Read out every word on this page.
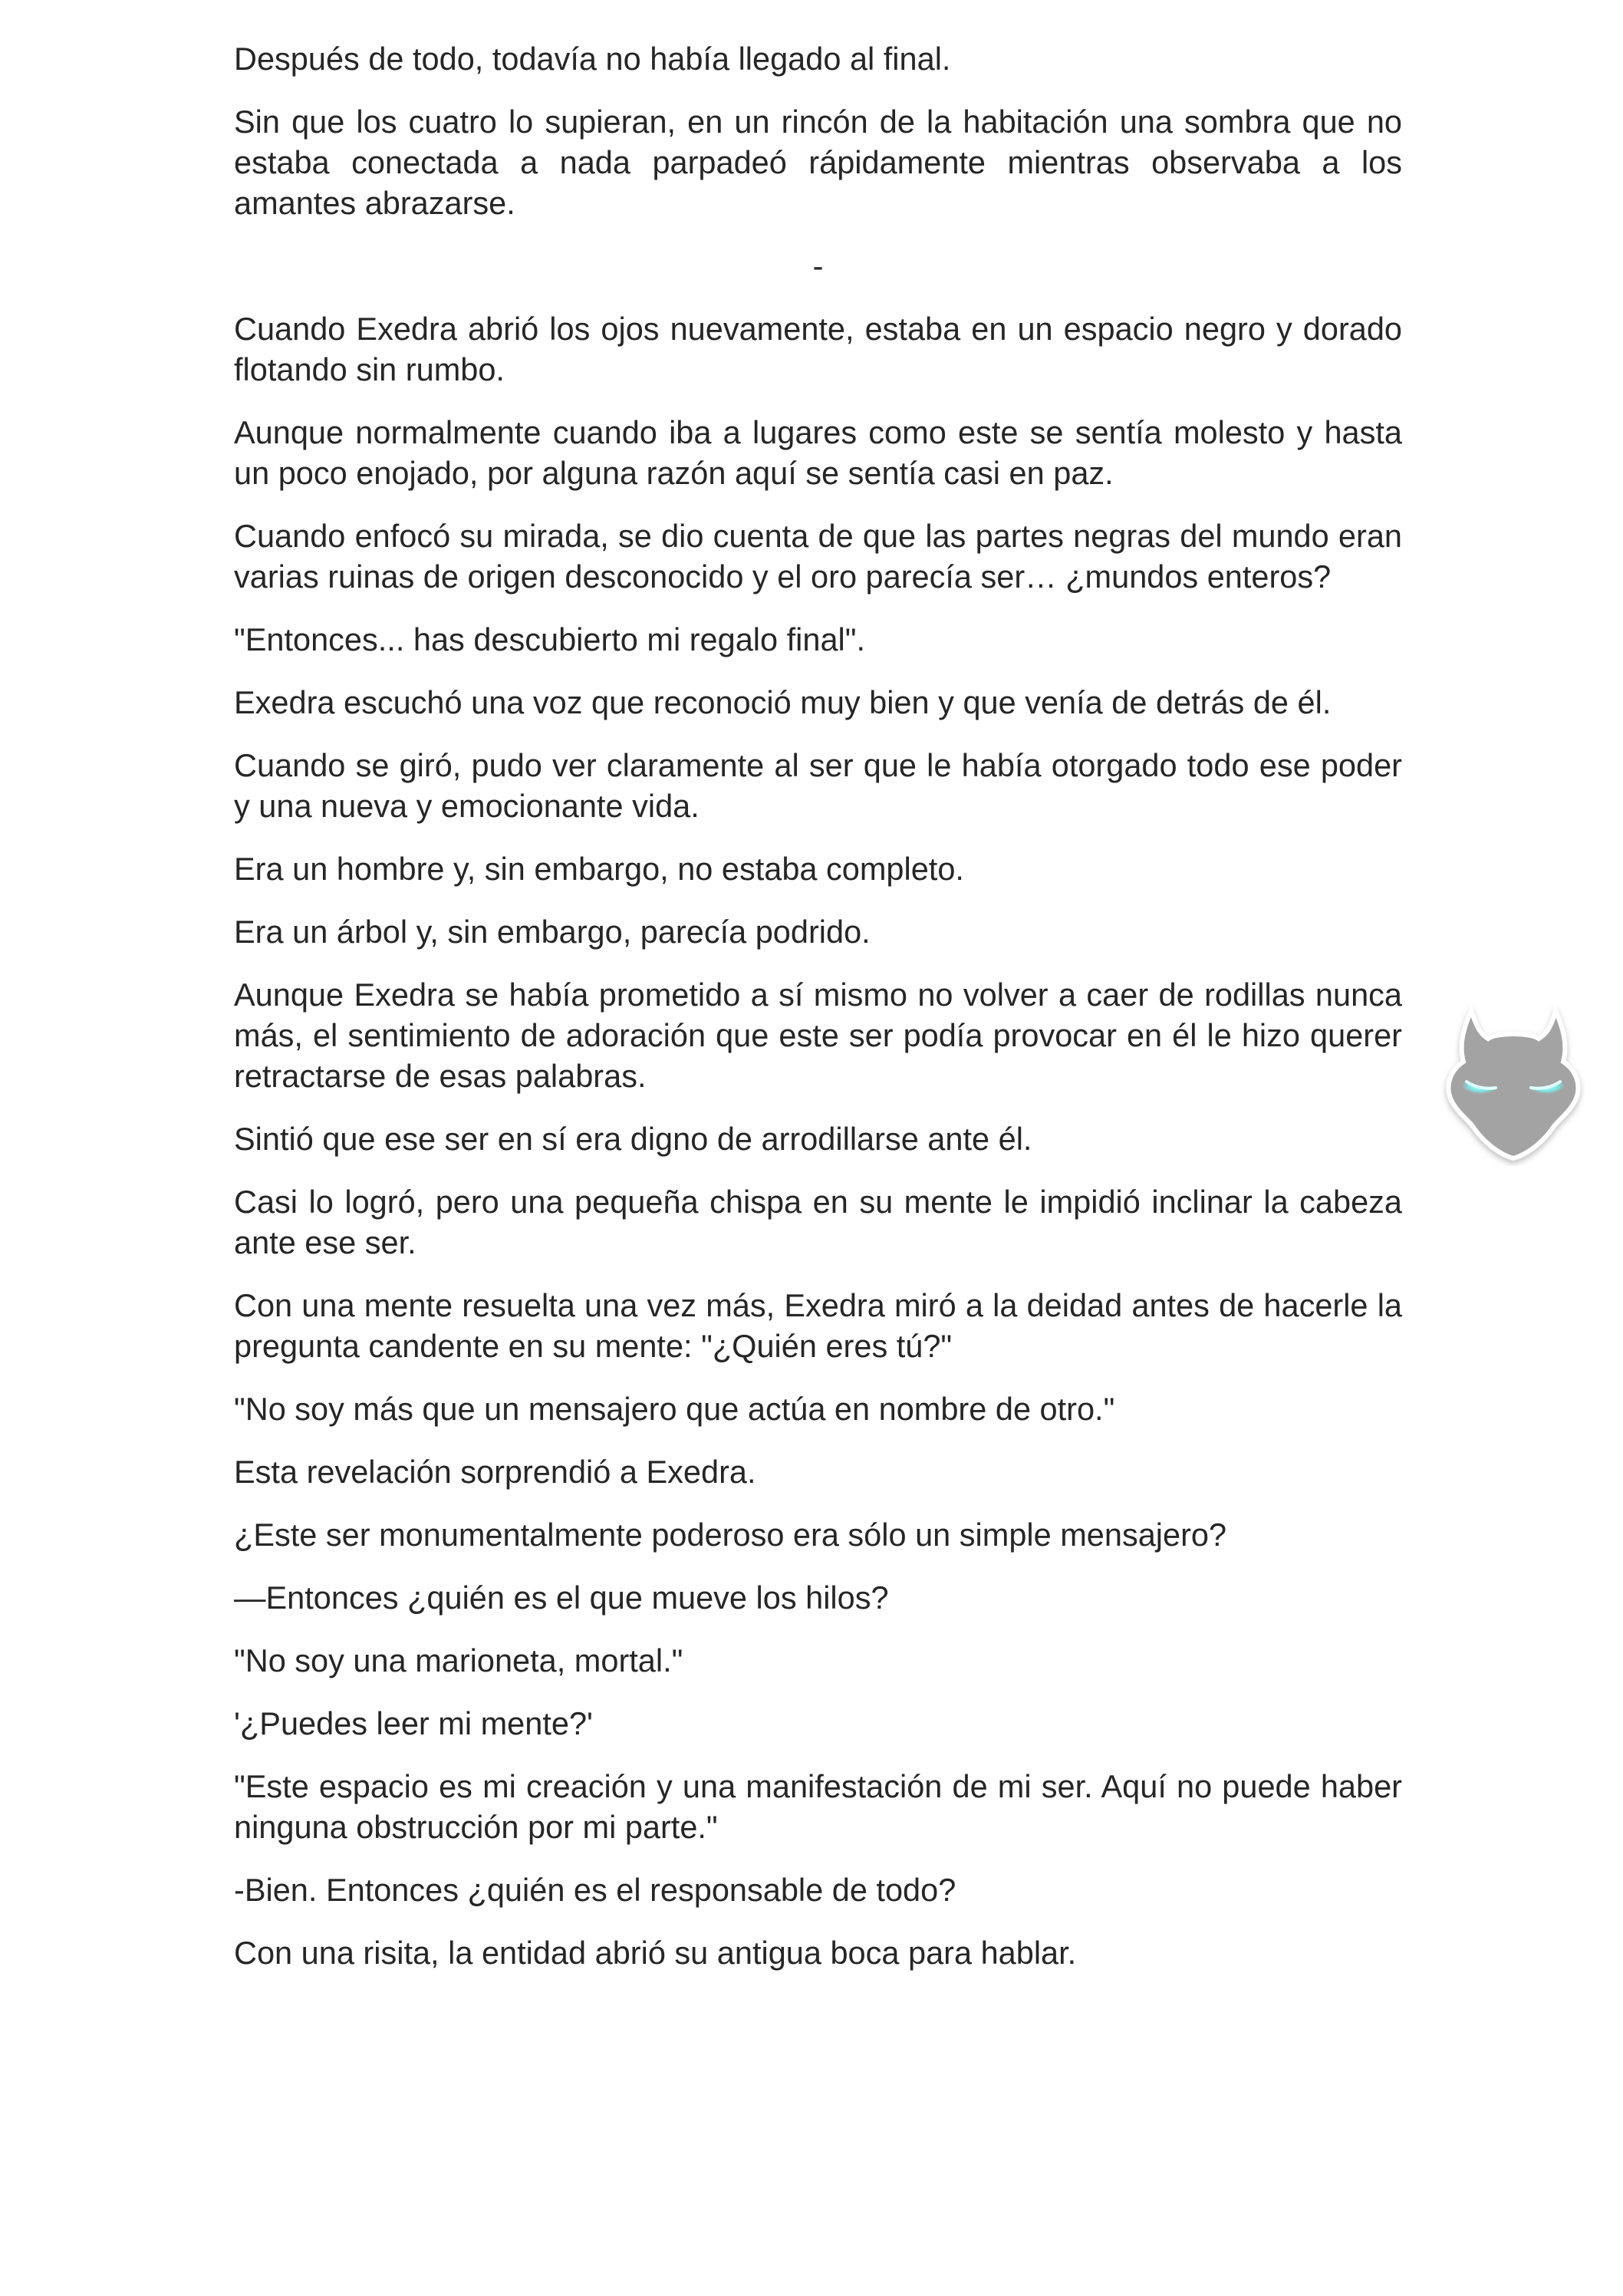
Después de todo, todavía no había llegado al final.

Sin que los cuatro lo supieran, en un rincón de la habitación una sombra que no estaba conectada a nada parpadeó rápidamente mientras observaba a los amantes abrazarse.

-

Cuando Exedra abrió los ojos nuevamente, estaba en un espacio negro y dorado flotando sin rumbo.

Aunque normalmente cuando iba a lugares como este se sentía molesto y hasta un poco enojado, por alguna razón aquí se sentía casi en paz.

Cuando enfocó su mirada, se dio cuenta de que las partes negras del mundo eran varias ruinas de origen desconocido y el oro parecía ser… ¿mundos enteros?

"Entonces... has descubierto mi regalo final".

Exedra escuchó una voz que reconoció muy bien y que venía de detrás de él.

Cuando se giró, pudo ver claramente al ser que le había otorgado todo ese poder y una nueva y emocionante vida.

Era un hombre y, sin embargo, no estaba completo.

Era un árbol y, sin embargo, parecía podrido.

Aunque Exedra se había prometido a sí mismo no volver a caer de rodillas nunca más, el sentimiento de adoración que este ser podía provocar en él le hizo querer retractarse de esas palabras.

Sintió que ese ser en sí era digno de arrodillarse ante él.

Casi lo logró, pero una pequeña chispa en su mente le impidió inclinar la cabeza ante ese ser.

Con una mente resuelta una vez más, Exedra miró a la deidad antes de hacerle la pregunta candente en su mente: "¿Quién eres tú?"

"No soy más que un mensajero que actúa en nombre de otro."

Esta revelación sorprendió a Exedra.

¿Este ser monumentalmente poderoso era sólo un simple mensajero?

—Entonces ¿quién es el que mueve los hilos?

"No soy una marioneta, mortal."

'¿Puedes leer mi mente?'

"Este espacio es mi creación y una manifestación de mi ser. Aquí no puede haber ninguna obstrucción por mi parte."

-Bien. Entonces ¿quién es el responsable de todo?

Con una risita, la entidad abrió su antigua boca para hablar.
